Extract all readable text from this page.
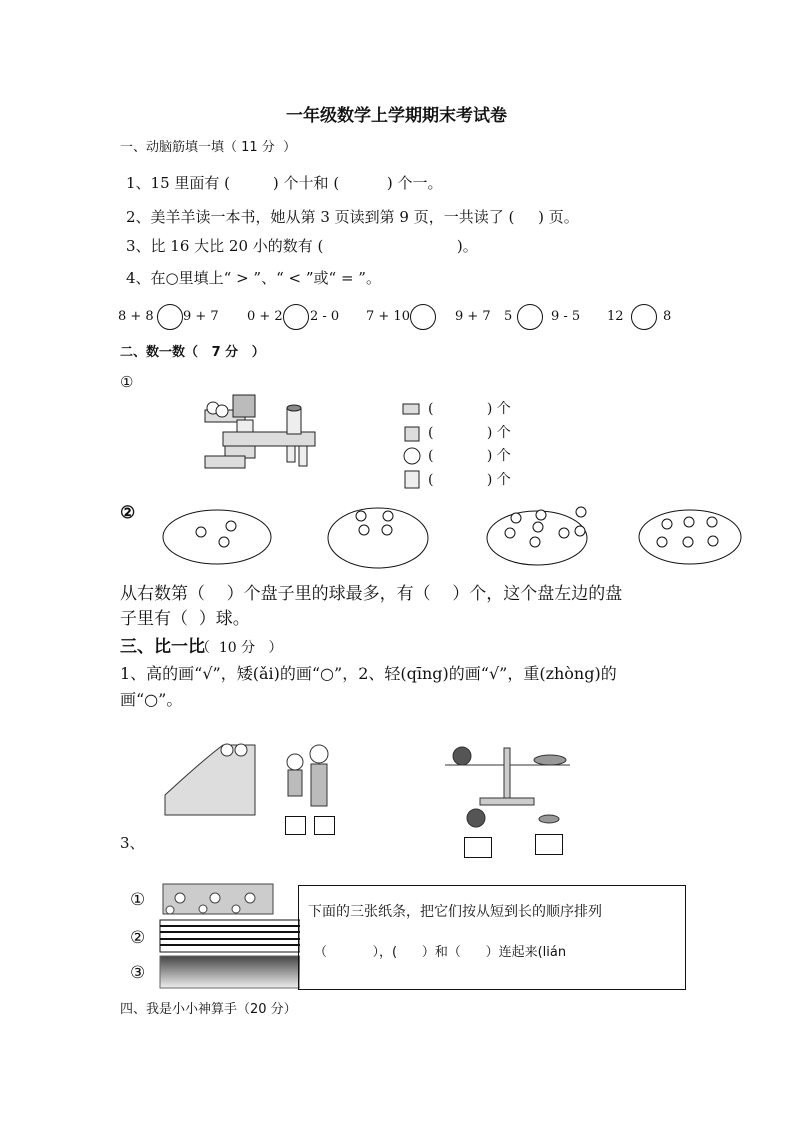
一年级数学上学期期末考试卷
一、动脑筋填一填（ 11 分  ）
1、15 里面有 (         ) 个十和 (          ) 个一。
2、美羊羊读一本书，她从第 3 页读到第 9 页，一共读了 (     ) 页。
3、比 16 大比 20 小的数有 (                            )。
4、在○里填上“ > ”、“ < ”或“ = ”。
8 + 8 9 + 7 0 + 2 2 - 0 7 + 10	9 + 7 5	9 - 5 12	8
二、数一数（   7 分   ）
①
(            ) 个
(            ) 个
(            ) 个
(            ) 个
②
从右数第（    ）个盘子里的球最多，有（    ）个，这个盘左边的盘
子里有（  ）球。
三、比一比
（  10 分   ）
1、高的画“√”，矮(ǎi)的画“○”，2、轻(qīng)的画“√”，重(zhòng)的
画“○”。
3、
①
②
③
下面的三张纸条，把它们按从短到长的顺序排列
（           ），(      ）和（      ）连起来(lián
四、我是小小神算手（20 分）
